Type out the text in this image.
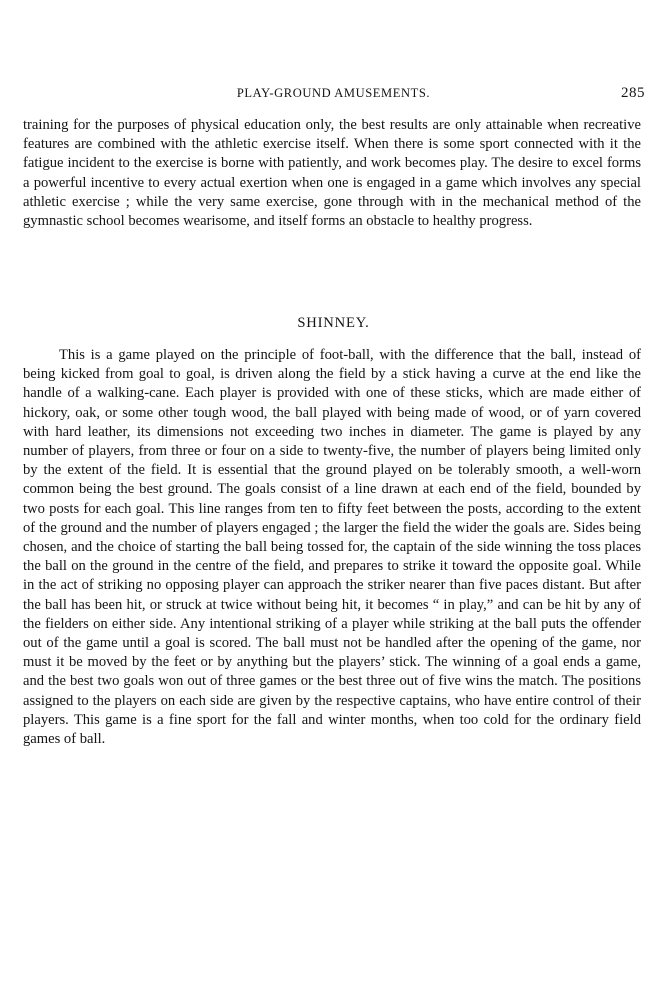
PLAY-GROUND AMUSEMENTS.	285

training for the purposes of physical education only, the best results are only attainable when recreative features are combined with the athletic exercise itself. When there is some sport connected with it the fatigue incident to the exercise is borne with patiently, and work becomes play. The desire to excel forms a powerful incentive to every actual exertion when one is engaged in a game which involves any special athletic exercise ; while the very same exercise, gone through with in the mechanical method of the gymnastic school becomes wearisome, and itself forms an obstacle to healthy progress.

SHINNEY.

This is a game played on the principle of foot-ball, with the difference that the ball, instead of being kicked from goal to goal, is driven along the field by a stick having a curve at the end like the handle of a walking-cane. Each player is provided with one of these sticks, which are made either of hickory, oak, or some other tough wood, the ball played with being made of wood, or of yarn covered with hard leather, its dimensions not exceeding two inches in diameter. The game is played by any number of players, from three or four on a side to twenty-five, the number of players being limited only by the extent of the field. It is essential that the ground played on be tolerably smooth, a well-worn common being the best ground. The goals consist of a line drawn at each end of the field, bounded by two posts for each goal. This line ranges from ten to fifty feet between the posts, according to the extent of the ground and the number of players engaged ; the larger the field the wider the goals are. Sides being chosen, and the choice of starting the ball being tossed for, the captain of the side winning the toss places the ball on the ground in the centre of the field, and prepares to strike it toward the opposite goal. While in the act of striking no opposing player can approach the striker nearer than five paces distant. But after the ball has been hit, or struck at twice without being hit, it becomes “ in play,” and can be hit by any of the fielders on either side. Any intentional striking of a player while striking at the ball puts the offender out of the game until a goal is scored. The ball must not be handled after the opening of the game, nor must it be moved by the feet or by anything but the players’ stick. The winning of a goal ends a game, and the best two goals won out of three games or the best three out of five wins the match. The positions assigned to the players on each side are given by the respective captains, who have entire control of their players. This game is a fine sport for the fall and winter months, when too cold for the ordinary field games of ball.
